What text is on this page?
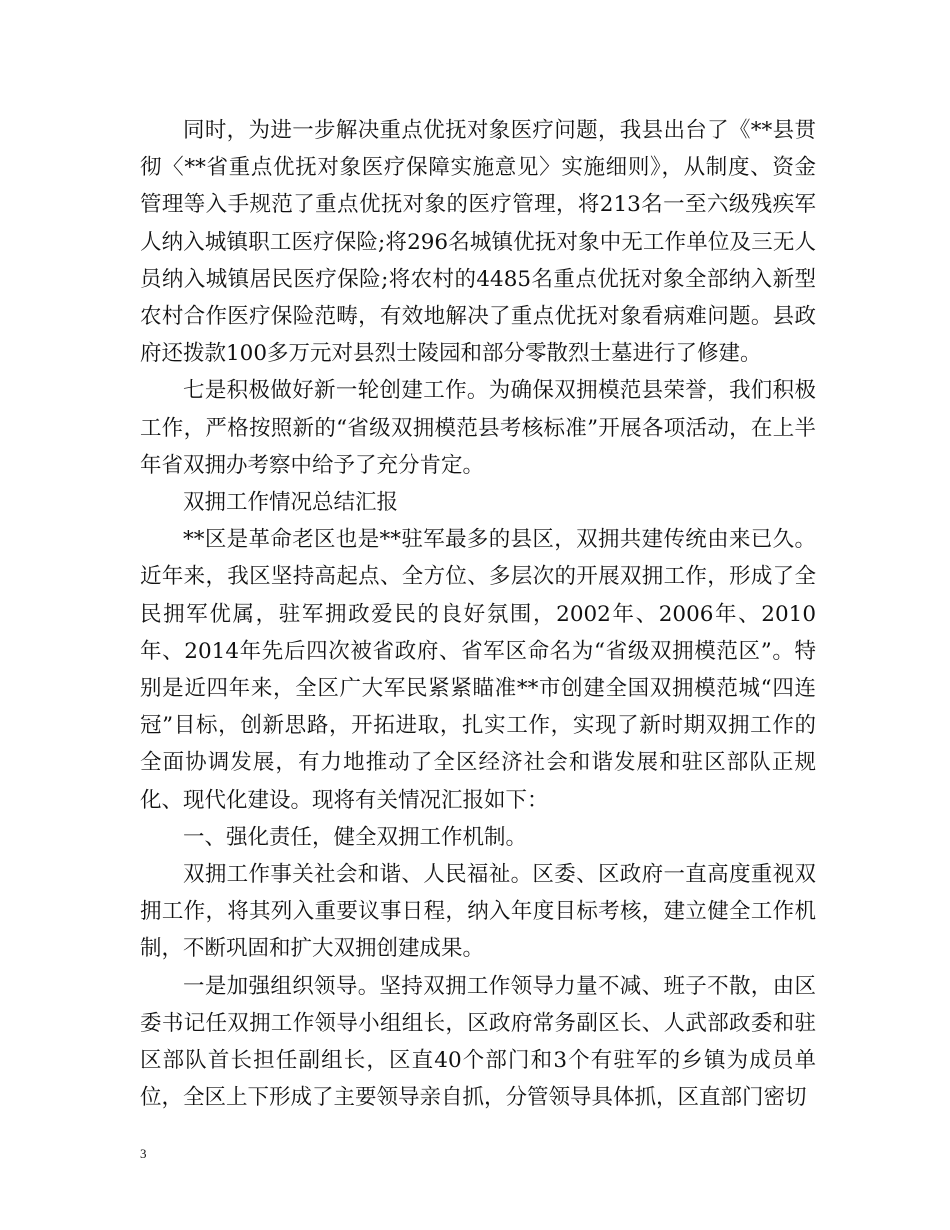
同时，为进一步解决重点优抚对象医疗问题，我县出台了《**县贯彻〈**省重点优抚对象医疗保障实施意见〉实施细则》，从制度、资金管理等入手规范了重点优抚对象的医疗管理，将213名一至六级残疾军人纳入城镇职工医疗保险;将296名城镇优抚对象中无工作单位及三无人员纳入城镇居民医疗保险;将农村的4485名重点优抚对象全部纳入新型农村合作医疗保险范畴，有效地解决了重点优抚对象看病难问题。县政府还拨款100多万元对县烈士陵园和部分零散烈士墓进行了修建。

七是积极做好新一轮创建工作。为确保双拥模范县荣誉，我们积极工作，严格按照新的“省级双拥模范县考核标准”开展各项活动，在上半年省双拥办考察中给予了充分肯定。

双拥工作情况总结汇报

**区是革命老区也是**驻军最多的县区，双拥共建传统由来已久。近年来，我区坚持高起点、全方位、多层次的开展双拥工作，形成了全民拥军优属，驻军拥政爱民的良好氛围，2002年、2006年、2010年、2014年先后四次被省政府、省军区命名为“省级双拥模范区”。特别是近四年来，全区广大军民紧紧瞄准**市创建全国双拥模范城“四连冠”目标，创新思路，开拓进取，扎实工作，实现了新时期双拥工作的全面协调发展，有力地推动了全区经济社会和谐发展和驻区部队正规化、现代化建设。现将有关情况汇报如下：

一、强化责任，健全双拥工作机制。

双拥工作事关社会和谐、人民福祉。区委、区政府一直高度重视双拥工作，将其列入重要议事日程，纳入年度目标考核，建立健全工作机制，不断巩固和扩大双拥创建成果。

一是加强组织领导。坚持双拥工作领导力量不减、班子不散，由区委书记任双拥工作领导小组组长，区政府常务副区长、人武部政委和驻区部队首长担任副组长，区直40个部门和3个有驻军的乡镇为成员单位，全区上下形成了主要领导亲自抓，分管领导具体抓，区直部门密切

3
